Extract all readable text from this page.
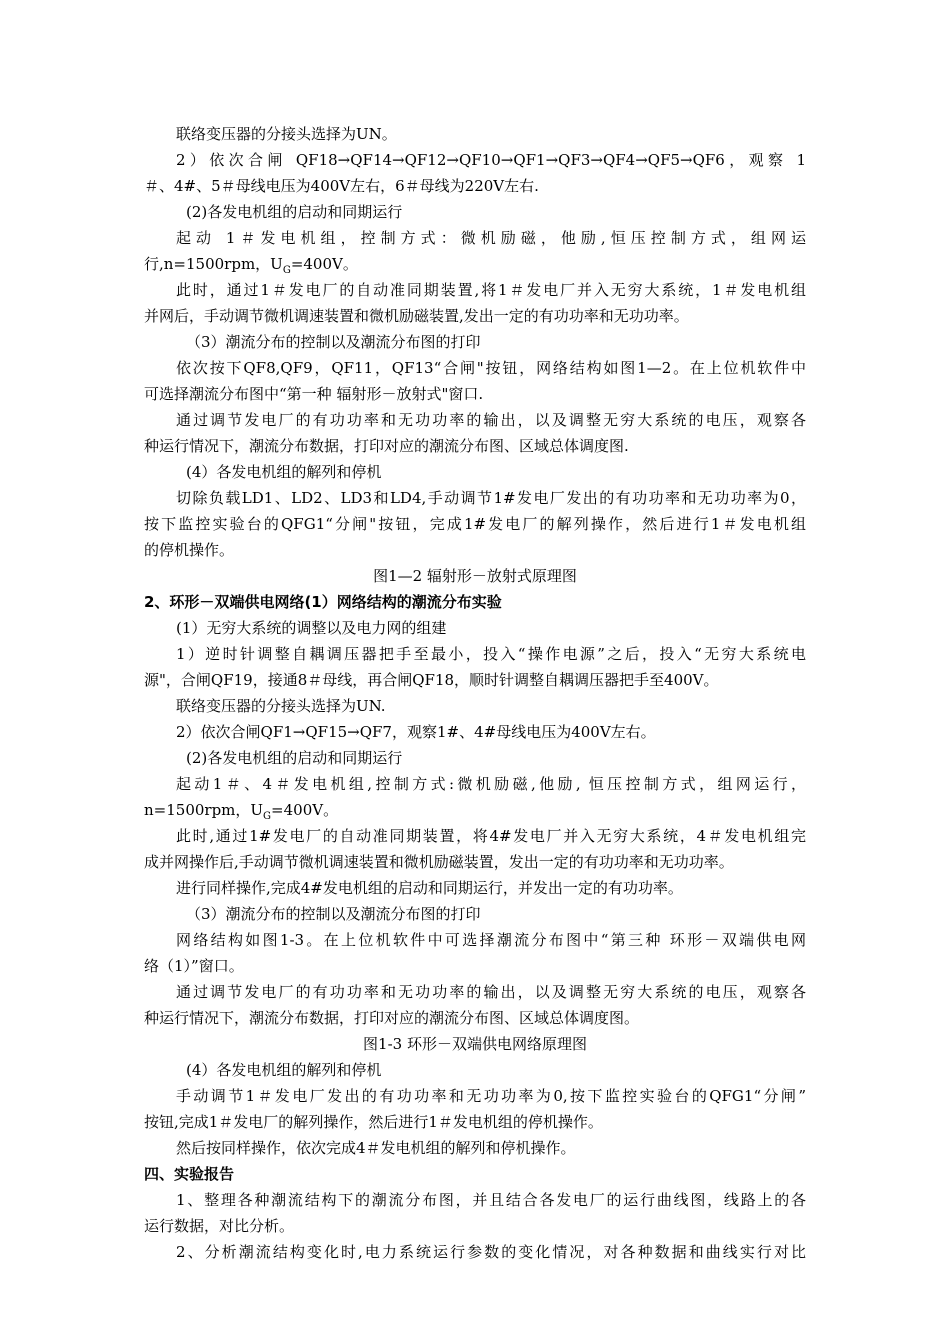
联络变压器的分接头选择为UN。
2）依次合闸 QF18→QF14→QF12→QF10→QF1→QF3→QF4→QF5→QF6，观察 1
＃、4#、5＃母线电压为400V左右，6＃母线为220V左右.
(2)各发电机组的启动和同期运行
起动 1＃发电机组，控制方式：微机励磁，他励,恒压控制方式，组网运
行,n=1500rpm，$U_G=400V$。
此时，通过1＃发电厂的自动准同期装置,将1＃发电厂并入无穷大系统，1＃发电机组
并网后，手动调节微机调速装置和微机励磁装置,发出一定的有功功率和无功功率。
（3）潮流分布的控制以及潮流分布图的打印
依次按下QF8,QF9，QF11，QF13“合闸"按钮，网络结构如图1—2。在上位机软件中
可选择潮流分布图中“第一种 辐射形－放射式"窗口.
通过调节发电厂的有功功率和无功功率的输出，以及调整无穷大系统的电压，观察各
种运行情况下，潮流分布数据，打印对应的潮流分布图、区域总体调度图.
(4）各发电机组的解列和停机
切除负载LD1、LD2、LD3和LD4,手动调节1#发电厂发出的有功功率和无功功率为0，
按下监控实验台的QFG1“分闸"按钮，完成1#发电厂的解列操作，然后进行1＃发电机组
的停机操作。
图1—2 辐射形－放射式原理图
2、环形－双端供电网络(1）网络结构的潮流分布实验
(1）无穷大系统的调整以及电力网的组建
1）逆时针调整自耦调压器把手至最小，投入“操作电源”之后，投入“无穷大系统电
源"，合闸QF19，接通8＃母线，再合闸QF18，顺时针调整自耦调压器把手至400V。
联络变压器的分接头选择为UN.
2）依次合闸QF1→QF15→QF7，观察1#、4#母线电压为400V左右。
(2)各发电机组的启动和同期运行
起动1＃、4＃发电机组,控制方式:微机励磁,他励, 恒压控制方式，组网运行，
n=1500rpm，$U_G=400V$。
此时,通过1#发电厂的自动准同期装置，将4#发电厂并入无穷大系统，4＃发电机组完
成并网操作后,手动调节微机调速装置和微机励磁装置，发出一定的有功功率和无功功率。
进行同样操作,完成4#发电机组的启动和同期运行，并发出一定的有功功率。
（3）潮流分布的控制以及潮流分布图的打印
网络结构如图1-3。在上位机软件中可选择潮流分布图中“第三种 环形－双端供电网
络（1）”窗口。
通过调节发电厂的有功功率和无功功率的输出，以及调整无穷大系统的电压，观察各
种运行情况下，潮流分布数据，打印对应的潮流分布图、区域总体调度图。
图1-3 环形－双端供电网络原理图
(4）各发电机组的解列和停机
手动调节1＃发电厂发出的有功功率和无功功率为0,按下监控实验台的QFG1“分闸”
按钮,完成1＃发电厂的解列操作，然后进行1＃发电机组的停机操作。
然后按同样操作，依次完成4＃发电机组的解列和停机操作。
四、实验报告
1、整理各种潮流结构下的潮流分布图，并且结合各发电厂的运行曲线图，线路上的各
运行数据，对比分析。
2、分析潮流结构变化时,电力系统运行参数的变化情况，对各种数据和曲线实行对比
